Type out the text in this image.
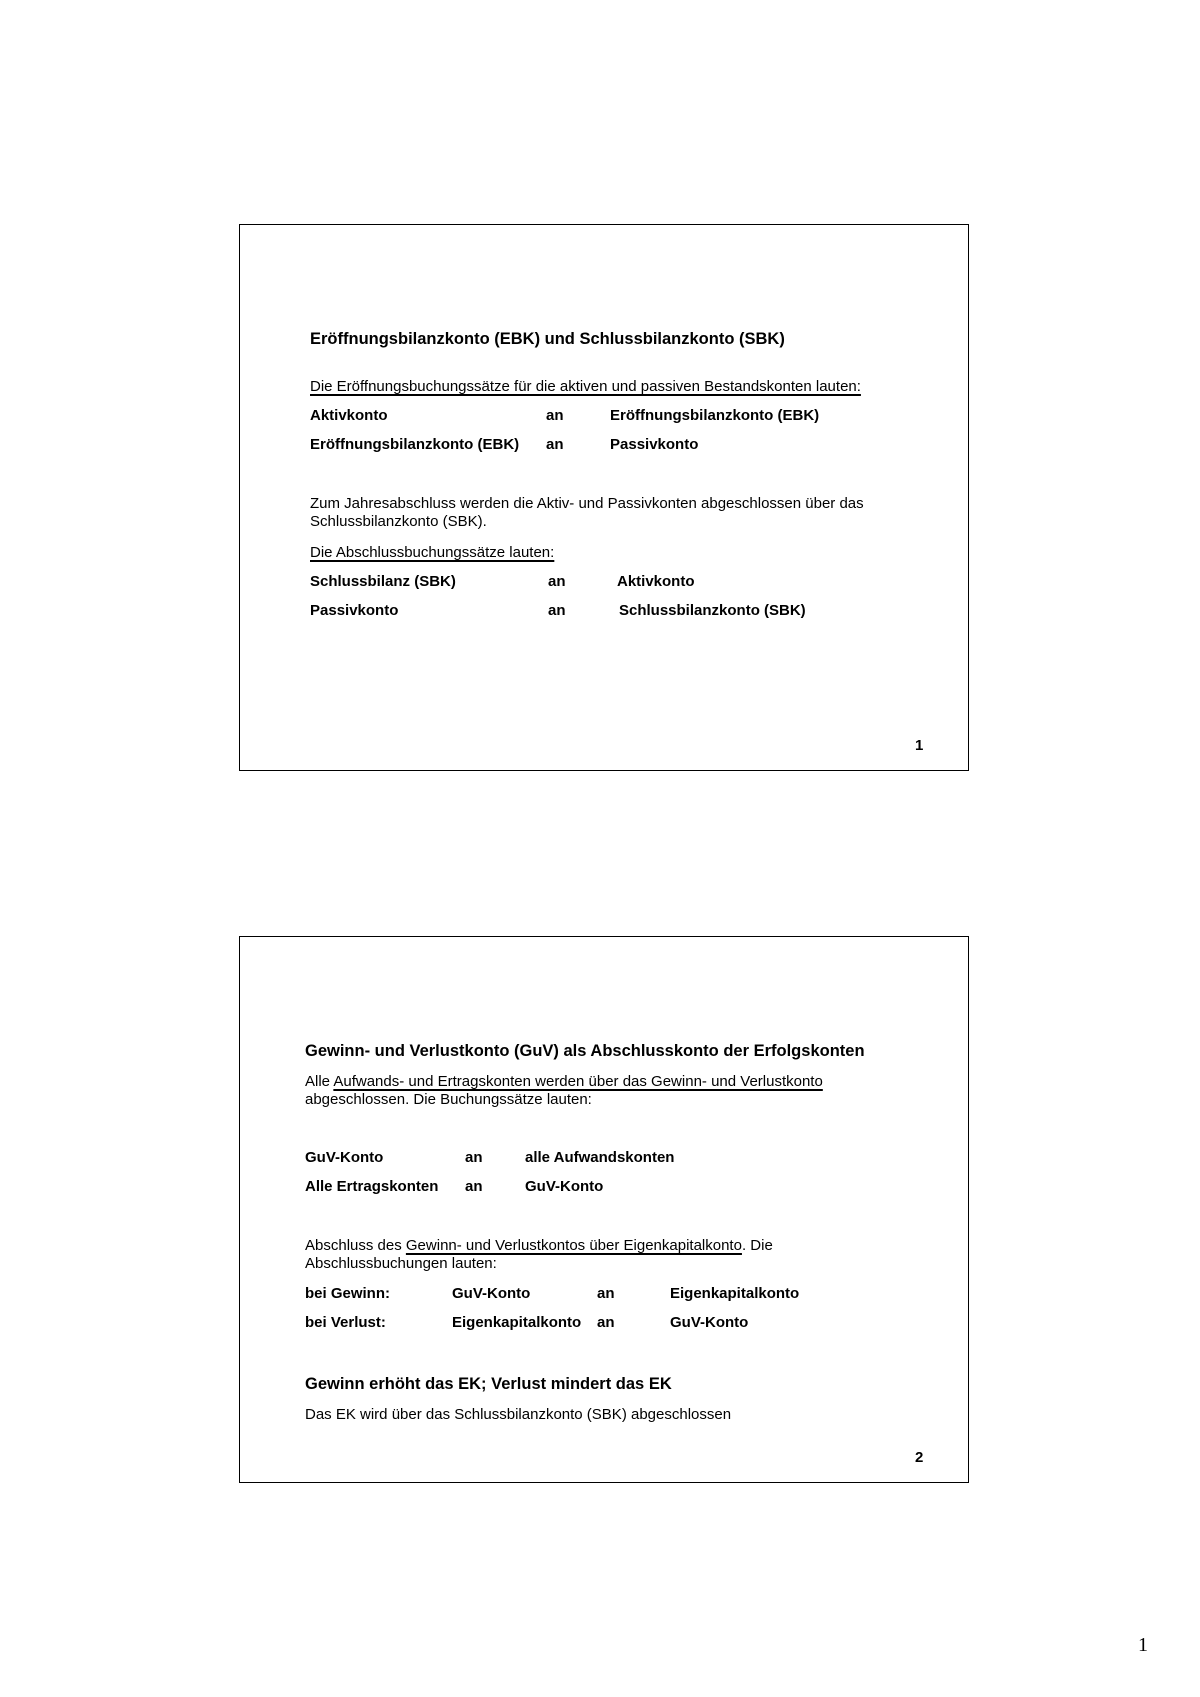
Eröffnungsbilanzkonto (EBK) und Schlussbilanzkonto (SBK)
Die Eröffnungsbuchungssätze für die aktiven und passiven Bestandskonten lauten:
Aktivkonto	an	Eröffnungsbilanzkonto (EBK)
Eröffnungsbilanzkonto (EBK) an	Passivkonto
Zum Jahresabschluss werden die Aktiv- und Passivkonten abgeschlossen über das Schlussbilanzkonto (SBK).
Die Abschlussbuchungssätze lauten:
Schlussbilanz (SBK)	an	Aktivkonto
Passivkonto	an	Schlussbilanzkonto (SBK)
1
Gewinn- und Verlustkonto (GuV) als Abschlusskonto der Erfolgskonten
Alle Aufwands- und Ertragskonten werden über das Gewinn- und Verlustkonto
abgeschlossen. Die Buchungssätze lauten:
GuV-Konto	an	alle Aufwandskonten
Alle Ertragskonten an	GuV-Konto
Abschluss des Gewinn- und Verlustkontos über Eigenkapitalkonto. Die
Abschlussbuchungen lauten:
bei Gewinn:	GuV-Konto	an	Eigenkapitalkonto
bei Verlust:	Eigenkapitalkonto an	GuV-Konto
Gewinn erhöht das EK; Verlust mindert das EK
Das EK wird über das Schlussbilanzkonto (SBK) abgeschlossen
2
1
